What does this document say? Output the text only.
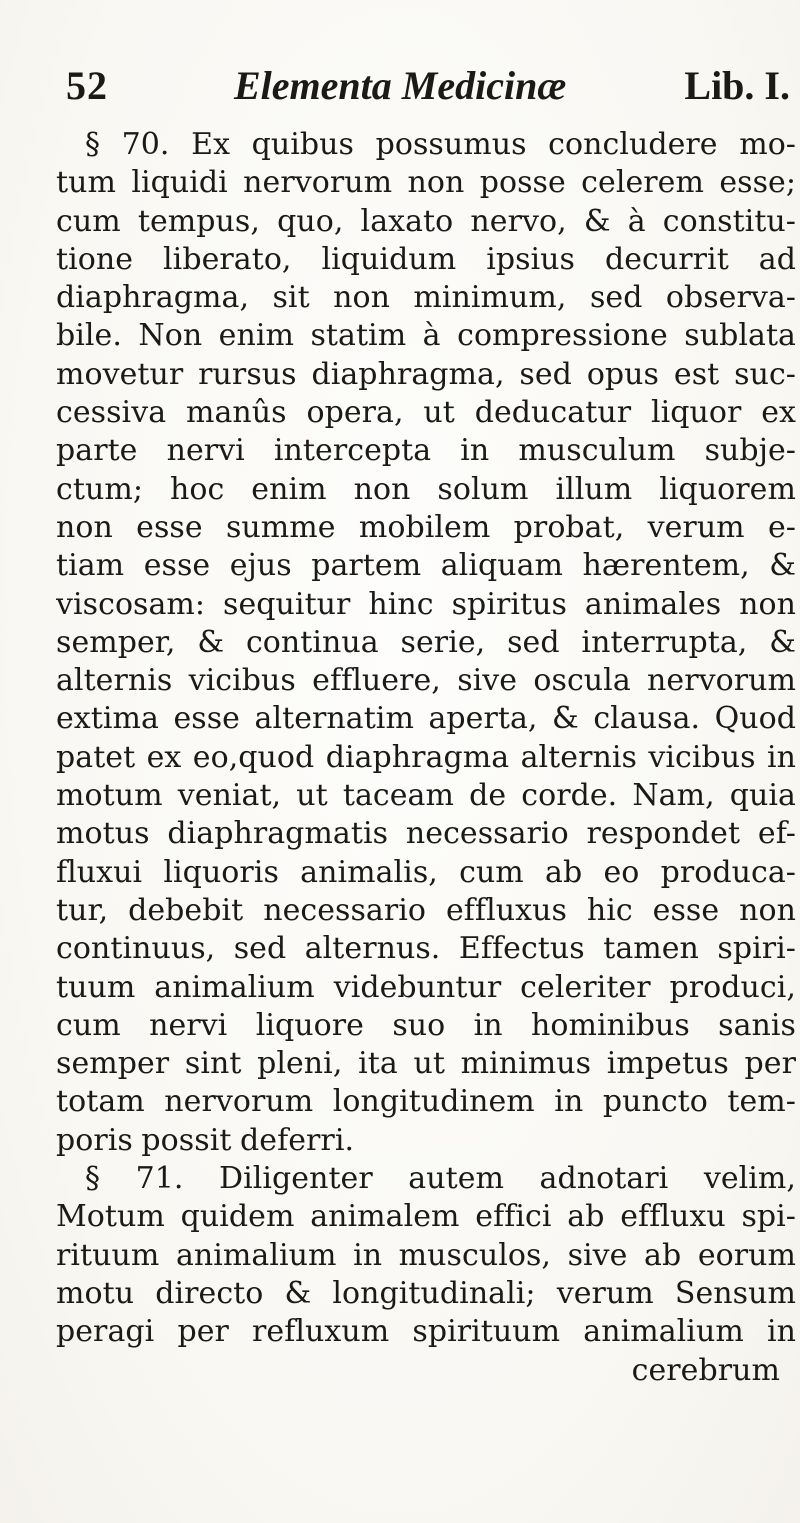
52	Elementa Medicinæ	Lib. I.
§ 70. Ex quibus possumus concludere mo-
tum liquidi nervorum non posse celerem esse;
cum tempus, quo, laxato nervo, & à constitu-
tione liberato, liquidum ipsius decurrit ad
diaphragma, sit non minimum, sed observa-
bile. Non enim statim à compressione sublata
movetur rursus diaphragma, sed opus est suc-
cessiva manûs opera, ut deducatur liquor ex
parte nervi intercepta in musculum subje-
ctum; hoc enim non solum illum liquorem
non esse summe mobilem probat, verum e-
tiam esse ejus partem aliquam hærentem, &
viscosam: sequitur hinc spiritus animales non
semper, & continua serie, sed interrupta, &
alternis vicibus effluere, sive oscula nervorum
extima esse alternatim aperta, & clausa. Quod
patet ex eo,quod diaphragma alternis vicibus in
motum veniat, ut taceam de corde. Nam, quia
motus diaphragmatis necessario respondet ef-
fluxui liquoris animalis, cum ab eo produca-
tur, debebit necessario effluxus hic esse non
continuus, sed alternus. Effectus tamen spiri-
tuum animalium videbuntur celeriter produci,
cum nervi liquore suo in hominibus sanis
semper sint pleni, ita ut minimus impetus per
totam nervorum longitudinem in puncto tem-
poris possit deferri.
§ 71. Diligenter autem adnotari velim,
Motum quidem animalem effici ab effluxu spi-
rituum animalium in musculos, sive ab eorum
motu directo & longitudinali; verum Sensum
peragi per refluxum spirituum animalium in
cerebrum
